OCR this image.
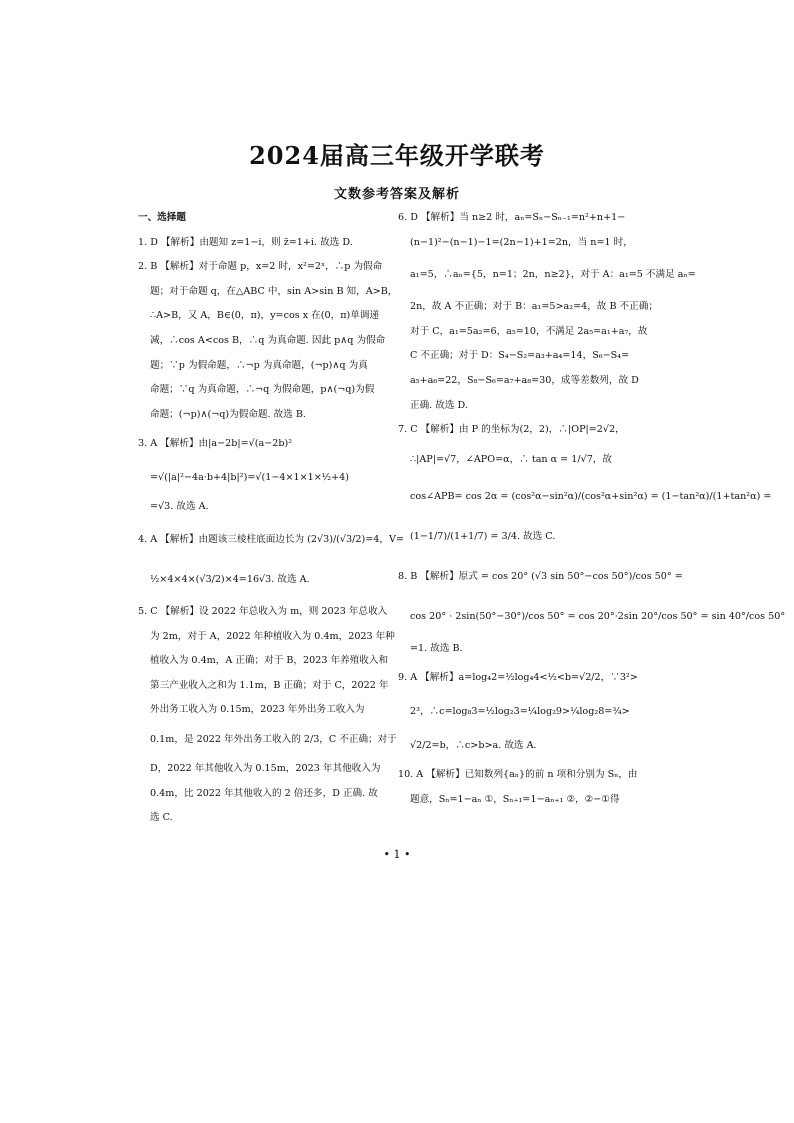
2024届高三年级开学联考
文数参考答案及解析
一、选择题
1. D 【解析】由题知 z=1−i，则 z̄=1+i. 故选 D.
2. B 【解析】对于命题 p，x=2 时，x²=2ˣ，∴p 为假命
题；对于命题 q，在△ABC 中，sin A>sin B 知，A>B，
∴A>B，又 A，B∈(0，π)，y=cos x 在(0，π)单调递
减，∴cos A<cos B，∴q 为真命题. 因此 p∧q 为假命
题；∵p 为假命题，∴¬p 为真命题，(¬p)∧q 为真
命题；∵q 为真命题，∴¬q 为假命题，p∧(¬q)为假
命题；(¬p)∧(¬q)为假命题. 故选 B.
3. A 【解析】由|a−2b|=√(a−2b)²
=√(|a|²−4a·b+4|b|²)=√(1−4×1×1×½+4)
=√3. 故选 A.
4. A 【解析】由题该三棱柱底面边长为 (2√3)/(√3/2)=4，V=
½×4×4×(√3/2)×4=16√3. 故选 A.
5. C 【解析】设 2022 年总收入为 m，则 2023 年总收入
为 2m，对于 A，2022 年种植收入为 0.4m，2023 年种
植收入为 0.4m，A 正确；对于 B，2023 年养殖收入和
第三产业收入之和为 1.1m，B 正确；对于 C，2022 年
外出务工收入为 0.15m，2023 年外出务工收入为
0.1m，是 2022 年外出务工收入的 2/3，C 不正确；对于
D，2022 年其他收入为 0.15m，2023 年其他收入为
0.4m，比 2022 年其他收入的 2 倍还多，D 正确. 故
选 C.
6. D 【解析】当 n≥2 时，aₙ=Sₙ−Sₙ₋₁=n²+n+1−
(n−1)²−(n−1)−1=(2n−1)+1=2n，当 n=1 时，
a₁=5，∴aₙ={5，n=1；2n，n≥2}，对于 A：a₁=5 不满足 aₙ=
2n，故 A 不正确；对于 B：a₁=5>a₂=4，故 B 不正确；
对于 C，a₁=5a₂=6，a₅=10，不满足 2a₅=a₁+a₇，故
C 不正确；对于 D：S₄−S₂=a₃+a₄=14，S₆−S₄=
a₅+a₆=22，S₈−S₆=a₇+a₈=30，成等差数列，故 D
正确. 故选 D.
7. C 【解析】由 P 的坐标为(2，2)，∴|OP|=2√2，
∴|AP|=√7，∠APO=α，∴ tan α = 1/√7，故
cos∠APB= cos 2α = (cos²α−sin²α)/(cos²α+sin²α) = (1−tan²α)/(1+tan²α) =
(1−1/7)/(1+1/7) = 3/4. 故选 C.
8. B 【解析】原式 = cos 20° (√3 sin 50°−cos 50°)/cos 50° =
cos 20° · 2sin(50°−30°)/cos 50° = cos 20°·2sin 20°/cos 50° = sin 40°/cos 50°
=1. 故选 B.
9. A 【解析】a=log₄2=½log₄4<½<b=√2/2，∵3²>
2³，∴c=log₈3=½log₂3=¼log₂9>¼log₂8=¾>
√2/2=b，∴c>b>a. 故选 A.
10. A 【解析】已知数列{aₙ}的前 n 项和分别为 Sₙ，由
题意，Sₙ=1−aₙ ①，Sₙ₊₁=1−aₙ₊₁ ②，②−①得
• 1 •
